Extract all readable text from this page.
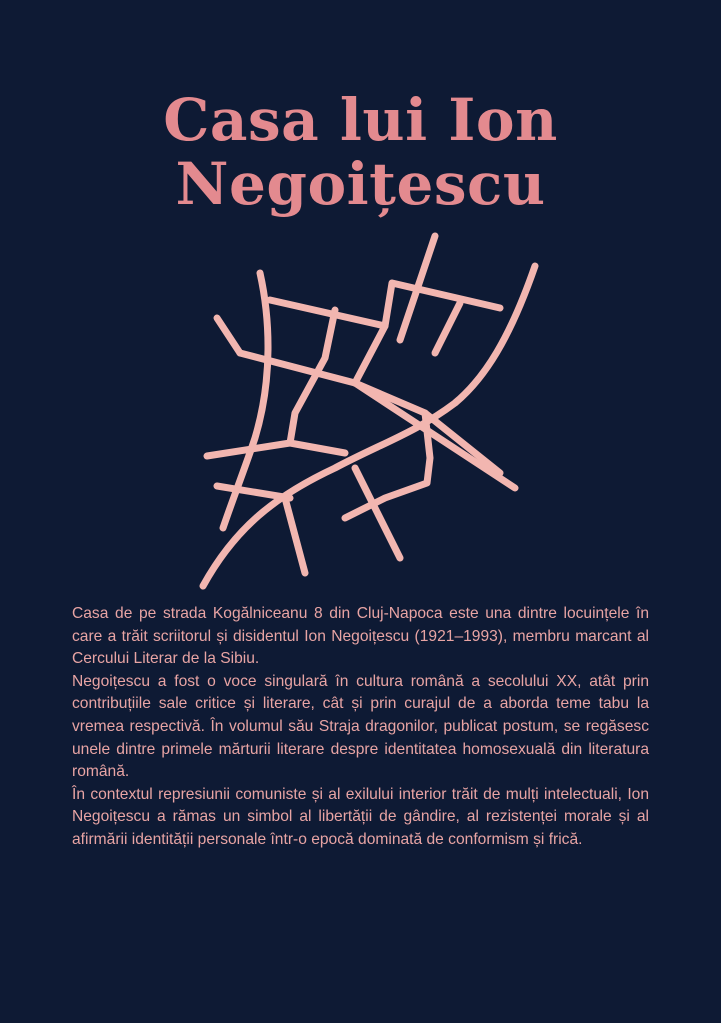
Casa lui Ion
Negoițescu

Casa de pe strada Kogălniceanu 8 din Cluj-Napoca este una dintre locuințele în care a trăit scriitorul și disidentul Ion Negoițescu (1921–1993), membru marcant al Cercului Literar de la Sibiu.

Negoițescu a fost o voce singulară în cultura română a secolului XX, atât prin contribuțiile sale critice și literare, cât și prin curajul de a aborda teme tabu la vremea respectivă. În volumul său Straja dragonilor, publicat postum, se regăsesc unele dintre primele mărturii literare despre identitatea homosexuală din literatura română.

În contextul represiunii comuniste și al exilului interior trăit de mulți intelectuali, Ion Negoițescu a rămas un simbol al libertății de gândire, al rezistenței morale și al afirmării identității personale într-o epocă dominată de conformism și frică.
